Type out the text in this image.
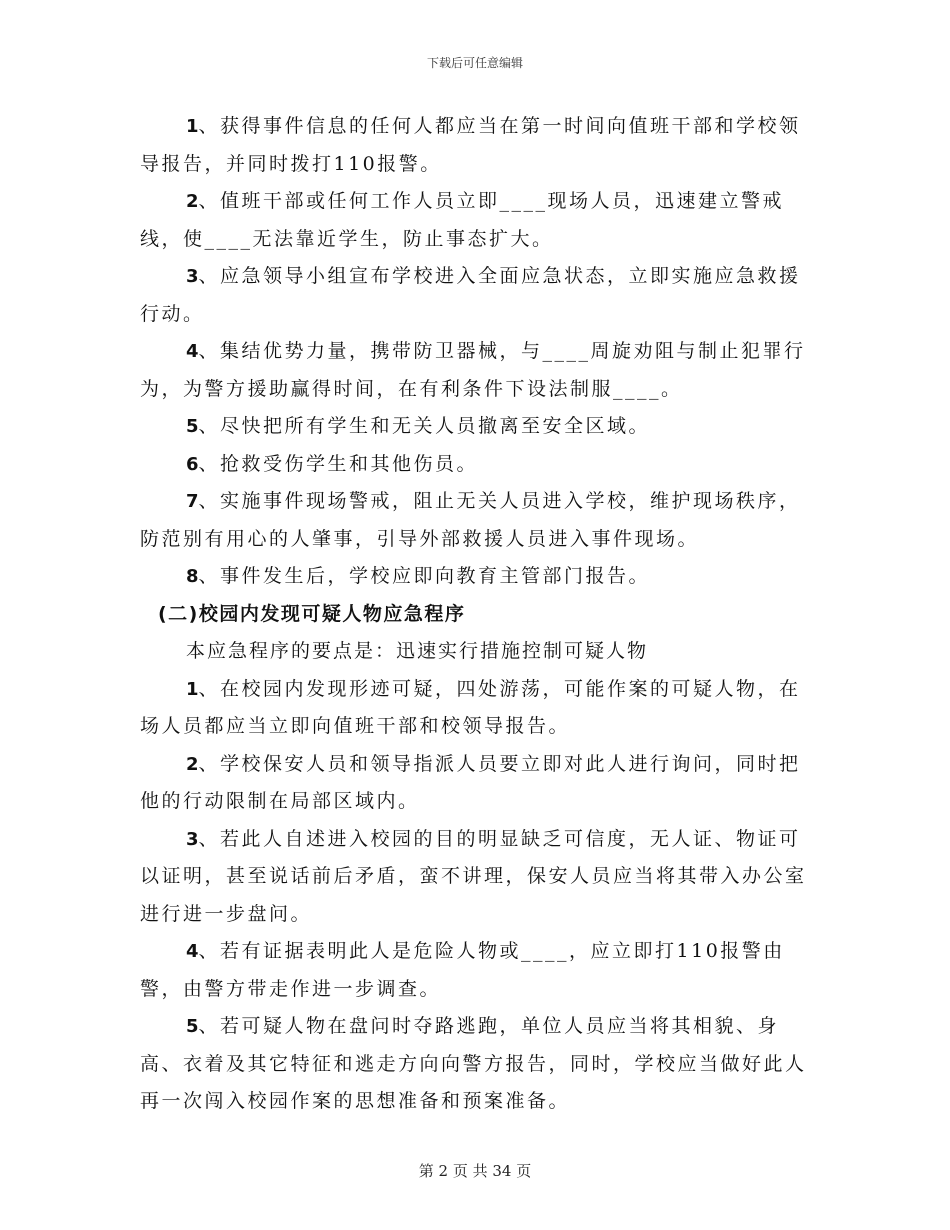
下载后可任意编辑

1、获得事件信息的任何人都应当在第一时间向值班干部和学校领导报告，并同时拨打110报警。

2、值班干部或任何工作人员立即____现场人员，迅速建立警戒线，使____无法靠近学生，防止事态扩大。

3、应急领导小组宣布学校进入全面应急状态，立即实施应急救援行动。

4、集结优势力量，携带防卫器械，与____周旋劝阻与制止犯罪行为，为警方援助赢得时间，在有利条件下设法制服____。

5、尽快把所有学生和无关人员撤离至安全区域。

6、抢救受伤学生和其他伤员。

7、实施事件现场警戒，阻止无关人员进入学校，维护现场秩序，防范别有用心的人肇事，引导外部救援人员进入事件现场。

8、事件发生后，学校应即向教育主管部门报告。

(二)校园内发现可疑人物应急程序

本应急程序的要点是：迅速实行措施控制可疑人物

1、在校园内发现形迹可疑，四处游荡，可能作案的可疑人物，在场人员都应当立即向值班干部和校领导报告。

2、学校保安人员和领导指派人员要立即对此人进行询问，同时把他的行动限制在局部区域内。

3、若此人自述进入校园的目的明显缺乏可信度，无人证、物证可以证明，甚至说话前后矛盾，蛮不讲理，保安人员应当将其带入办公室进行进一步盘问。

4、若有证据表明此人是危险人物或____，应立即打110报警由警，由警方带走作进一步调查。

5、若可疑人物在盘问时夺路逃跑，单位人员应当将其相貌、身高、衣着及其它特征和逃走方向向警方报告，同时，学校应当做好此人再一次闯入校园作案的思想准备和预案准备。

第 2 页 共 34 页
